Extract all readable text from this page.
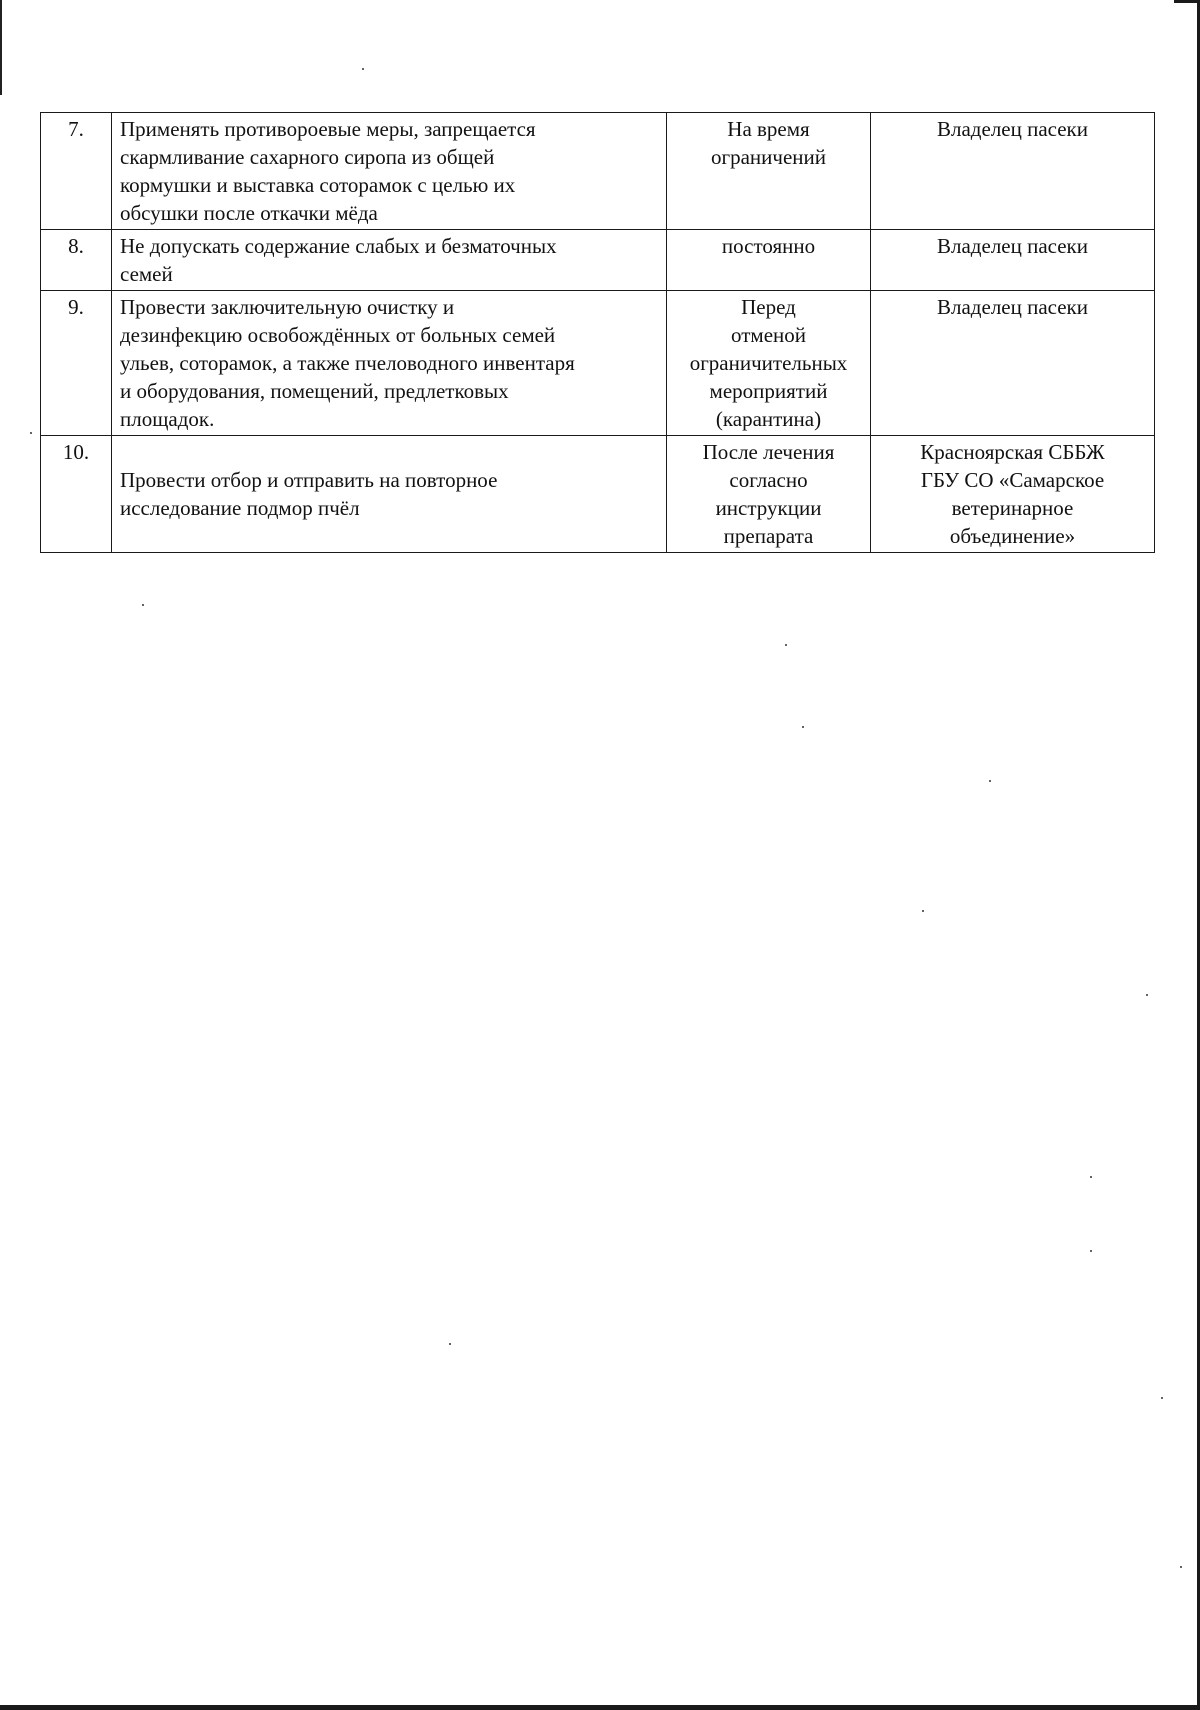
7.	Применять противороевые меры, запрещается
скармливание сахарного сиропа из общей
кормушки и выставка соторамок с целью их
обсушки после откачки мёда	На время
ограничений	Владелец пасеки

8.	Не допускать содержание слабых и безматочных
семей	постоянно	Владелец пасеки

9.	Провести заключительную очистку и
дезинфекцию освобождённых от больных семей
ульев, соторамок, а также пчеловодного инвентаря
и оборудования, помещений, предлетковых
площадок.	Перед
отменой
ограничительных
мероприятий
(карантина)	Владелец пасеки

10.	Провести отбор и отправить на повторное
исследование подмор пчёл	После лечения
согласно
инструкции
препарата	Красноярская СББЖ
ГБУ СО «Самарское
ветеринарное
объединение»
